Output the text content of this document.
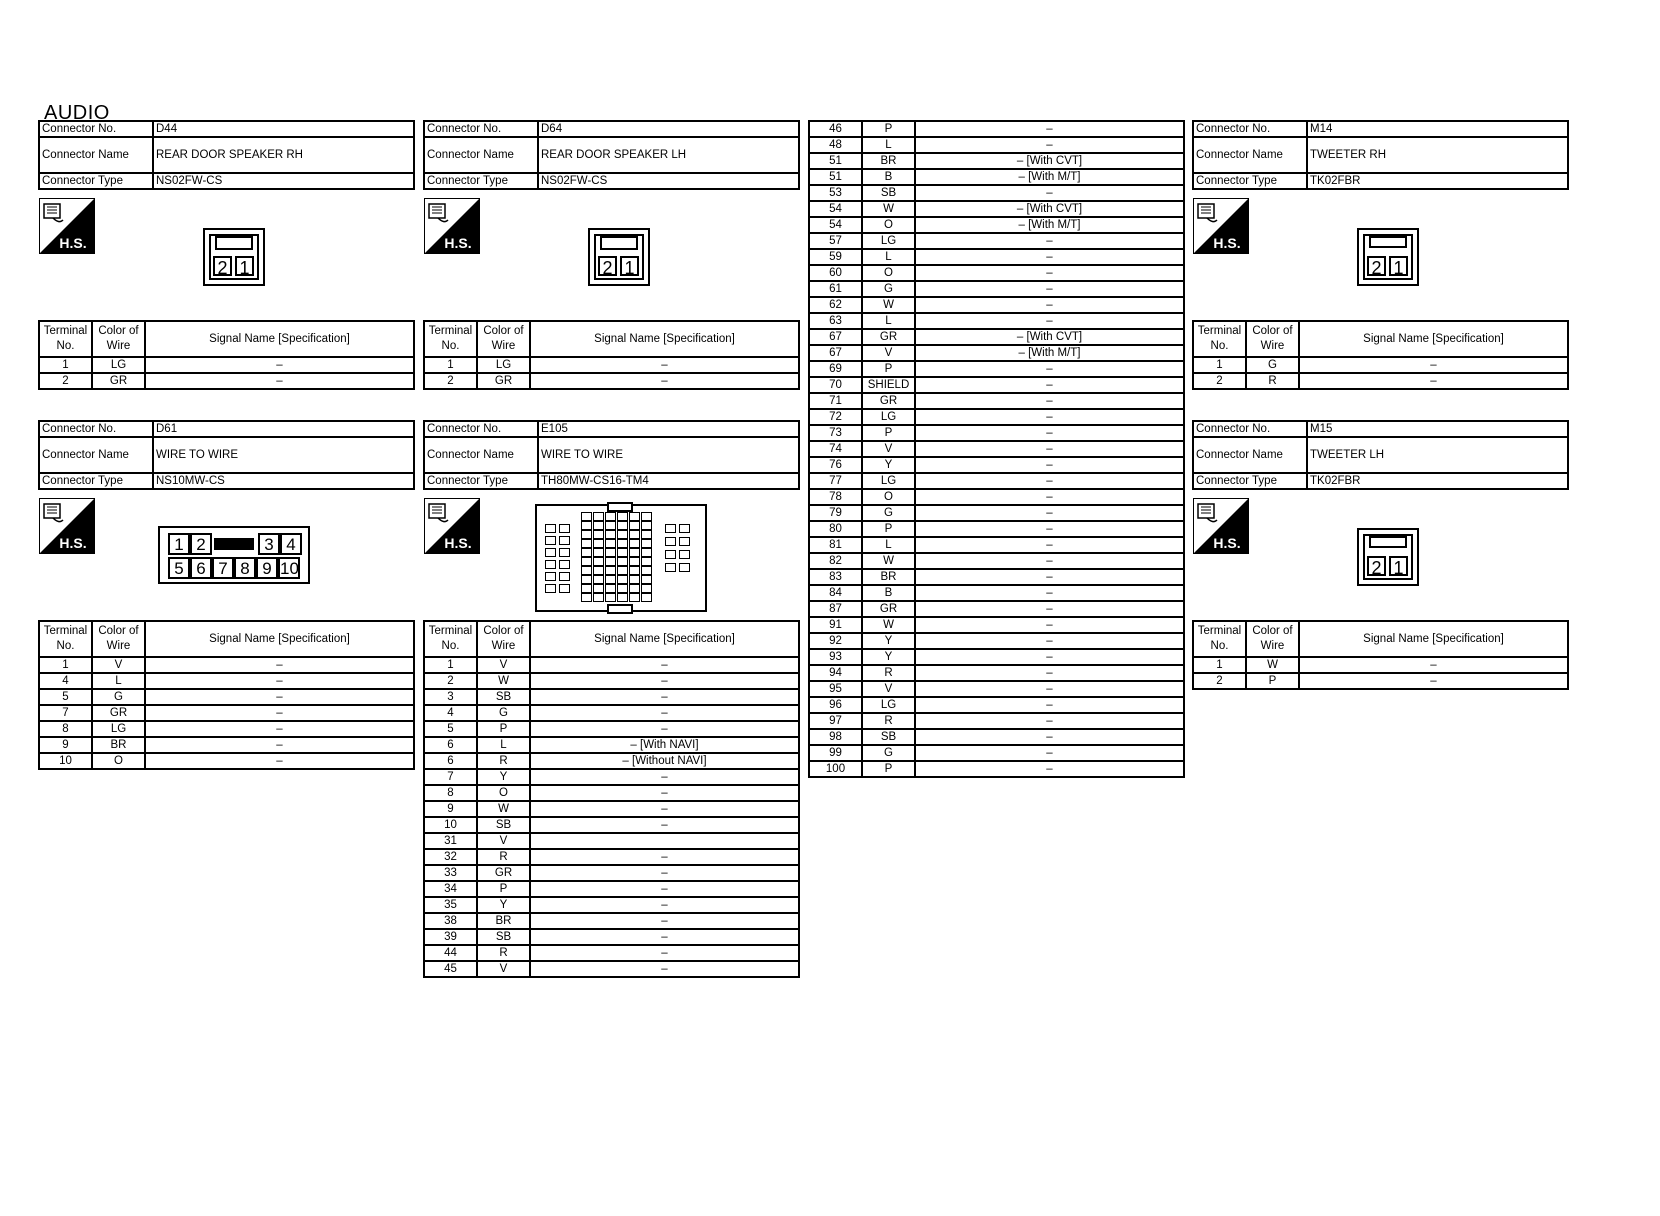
AUDIO
Connector No.	D44
Connector Name	REAR DOOR SPEAKER RH
Connector Type	NS02FW-CS
H.S.
2 1
Terminal No.	Color of Wire	Signal Name [Specification]
1	LG	–
2	GR	–
Connector No.	D64
Connector Name	REAR DOOR SPEAKER LH
Connector Type	NS02FW-CS
H.S.
2 1
Terminal No.	Color of Wire	Signal Name [Specification]
1	LG	–
2	GR	–
Connector No.	M14
Connector Name	TWEETER RH
Connector Type	TK02FBR
H.S.
2 1
Terminal No.	Color of Wire	Signal Name [Specification]
1	G	–
2	R	–
Connector No.	D61
Connector Name	WIRE TO WIRE
Connector Type	NS10MW-CS
H.S.	1 2	3 4
5 6 7 8 9 10
Terminal No.	Color of Wire	Signal Name [Specification]
1	V	–
4	L	–
5	G	–
7	GR	–
8	LG	–
9	BR	–
10	O	–
Connector No.	E105
Connector Name	WIRE TO WIRE
Connector Type	TH80MW-CS16-TM4
H.S.
Terminal No.	Color of Wire	Signal Name [Specification]
1	V	–
2	W	–
3	SB	–
4	G	–
5	P	–
6	L	– [With NAVI]
6	R	– [Without NAVI]
7	Y	–
8	O	–
9	W	–
10	SB	–
31	V	
32	R	–
33	GR	–
34	P	–
35	Y	–
38	BR	–
39	SB	–
44	R	–
45	V	–
Connector No.	M15
Connector Name	TWEETER LH
Connector Type	TK02FBR
H.S.
2 1
Terminal No.	Color of Wire	Signal Name [Specification]
1	W	–
2	P	–
46	P	–
48	L	–
51	BR	– [With CVT]
51	B	– [With M/T]
53	SB	–
54	W	– [With CVT]
54	O	– [With M/T]
57	LG	–
59	L	–
60	O	–
61	G	–
62	W	–
63	L	–
67	GR	– [With CVT]
67	V	– [With M/T]
69	P	–
70	SHIELD	–
71	GR	–
72	LG	–
73	P	–
74	V	–
76	Y	–
77	LG	–
78	O	–
79	G	–
80	P	–
81	L	–
82	W	–
83	BR	–
84	B	–
87	GR	–
91	W	–
92	Y	–
93	Y	–
94	R	–
95	V	–
96	LG	–
97	R	–
98	SB	–
99	G	–
100	P	–
